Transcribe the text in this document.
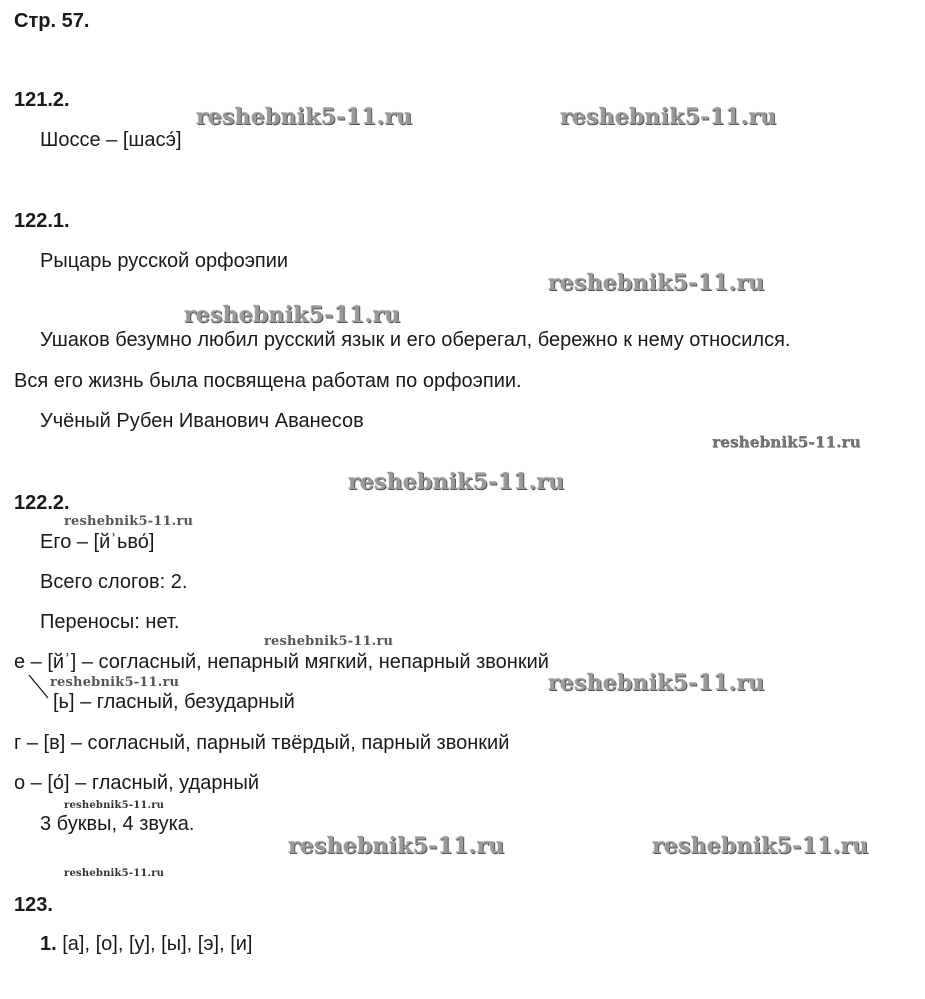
Стр. 57.
121.2.
Шоссе – [шасэ́]
122.1.
Рыцарь русской орфоэпии
Ушаков безумно любил русский язык и его оберегал, бережно к нему относился.
Вся его жизнь была посвящена работам по орфоэпии.
Учёный Рубен Иванович Аванесов
122.2.
Его – [йʾьво́]
Всего слогов: 2.
Переносы: нет.
е – [йʾ] – согласный, непарный мягкий, непарный звонкий
[ь] – гласный, безударный
г – [в] – согласный, парный твёрдый, парный звонкий
о – [о́] – гласный, ударный
3 буквы, 4 звука.
123.
1. [а], [о], [у], [ы], [э], [и]
reshebnik5-11.ru	reshebnik5-11.ru
reshebnik5-11.ru
reshebnik5-11.ru
reshebnik5-11.ru
reshebnik5-11.ru
reshebnik5-11.ru
reshebnik5-11.ru
reshebnik5-11.ru
reshebnik5-11.ru
reshebnik5-11.ru
reshebnik5-11.ru	reshebnik5-11.ru
reshebnik5-11.ru
